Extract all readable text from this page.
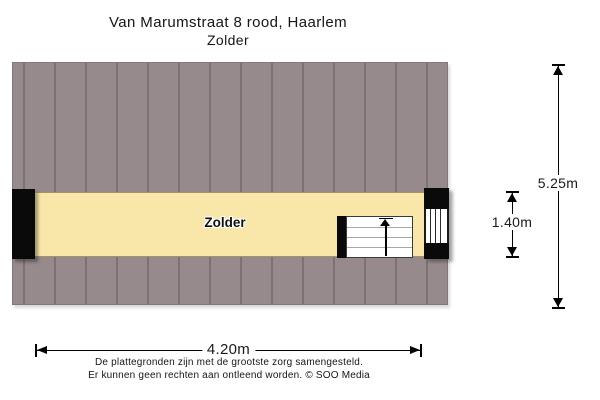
Van Marumstraat 8 rood, Haarlem
Zolder
Zolder
5.25m
1.40m
4.20m
De plattegronden zijn met de grootste zorg samengesteld.
Er kunnen geen rechten aan ontleend worden. © SOO Media
